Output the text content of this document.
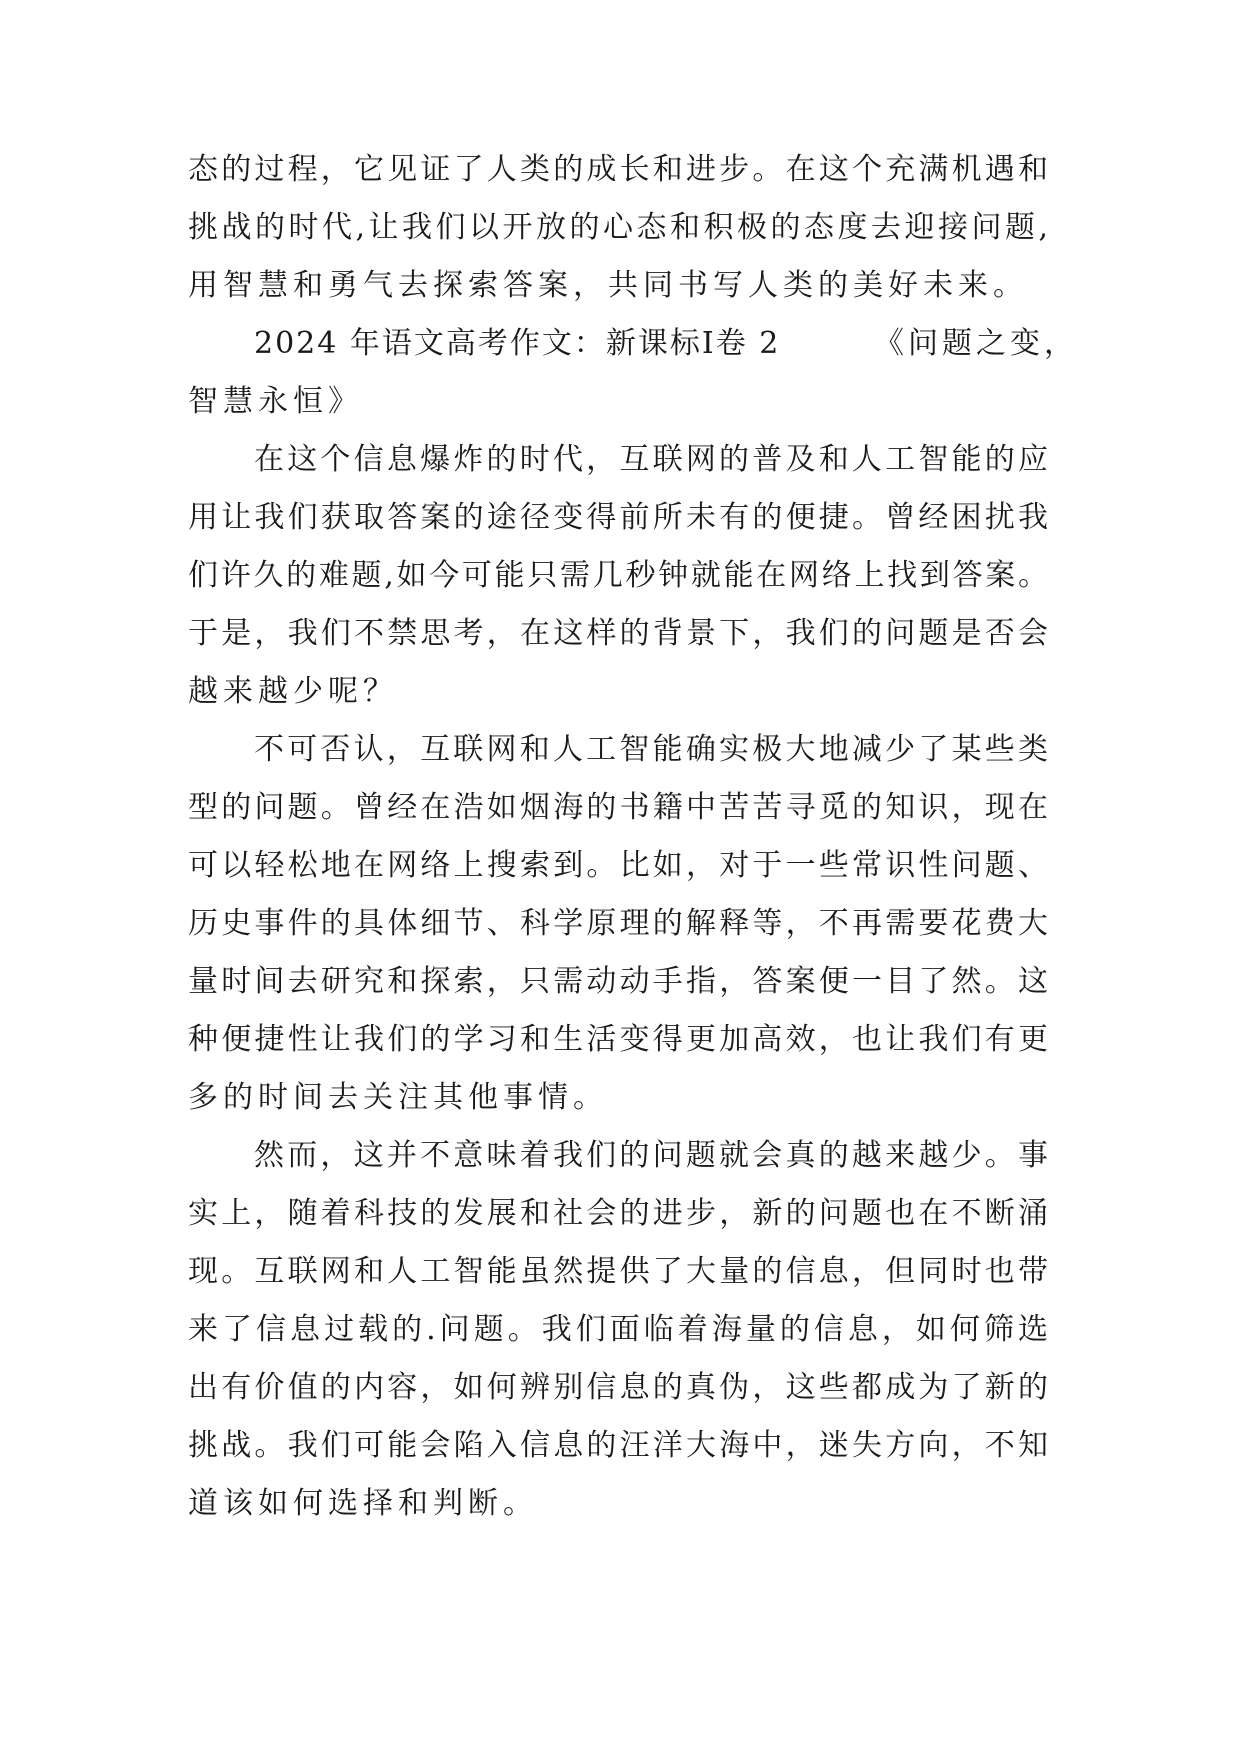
态的过程，它见证了人类的成长和进步。在这个充满机遇和
挑战的时代,让我们以开放的心态和积极的态度去迎接问题,
用智慧和勇气去探索答案，共同书写人类的美好未来。
2024 年语文高考作文：新课标Ⅰ卷 2	《问题之变，
智慧永恒》
在这个信息爆炸的时代，互联网的普及和人工智能的应
用让我们获取答案的途径变得前所未有的便捷。曾经困扰我
们许久的难题,如今可能只需几秒钟就能在网络上找到答案。
于是，我们不禁思考，在这样的背景下，我们的问题是否会
越来越少呢？
不可否认，互联网和人工智能确实极大地减少了某些类
型的问题。曾经在浩如烟海的书籍中苦苦寻觅的知识，现在
可以轻松地在网络上搜索到。比如，对于一些常识性问题、
历史事件的具体细节、科学原理的解释等，不再需要花费大
量时间去研究和探索，只需动动手指，答案便一目了然。这
种便捷性让我们的学习和生活变得更加高效，也让我们有更
多的时间去关注其他事情。
然而，这并不意味着我们的问题就会真的越来越少。事
实上，随着科技的发展和社会的进步，新的问题也在不断涌
现。互联网和人工智能虽然提供了大量的信息，但同时也带
来了信息过载的.问题。我们面临着海量的信息，如何筛选
出有价值的内容，如何辨别信息的真伪，这些都成为了新的
挑战。我们可能会陷入信息的汪洋大海中，迷失方向，不知
道该如何选择和判断。
